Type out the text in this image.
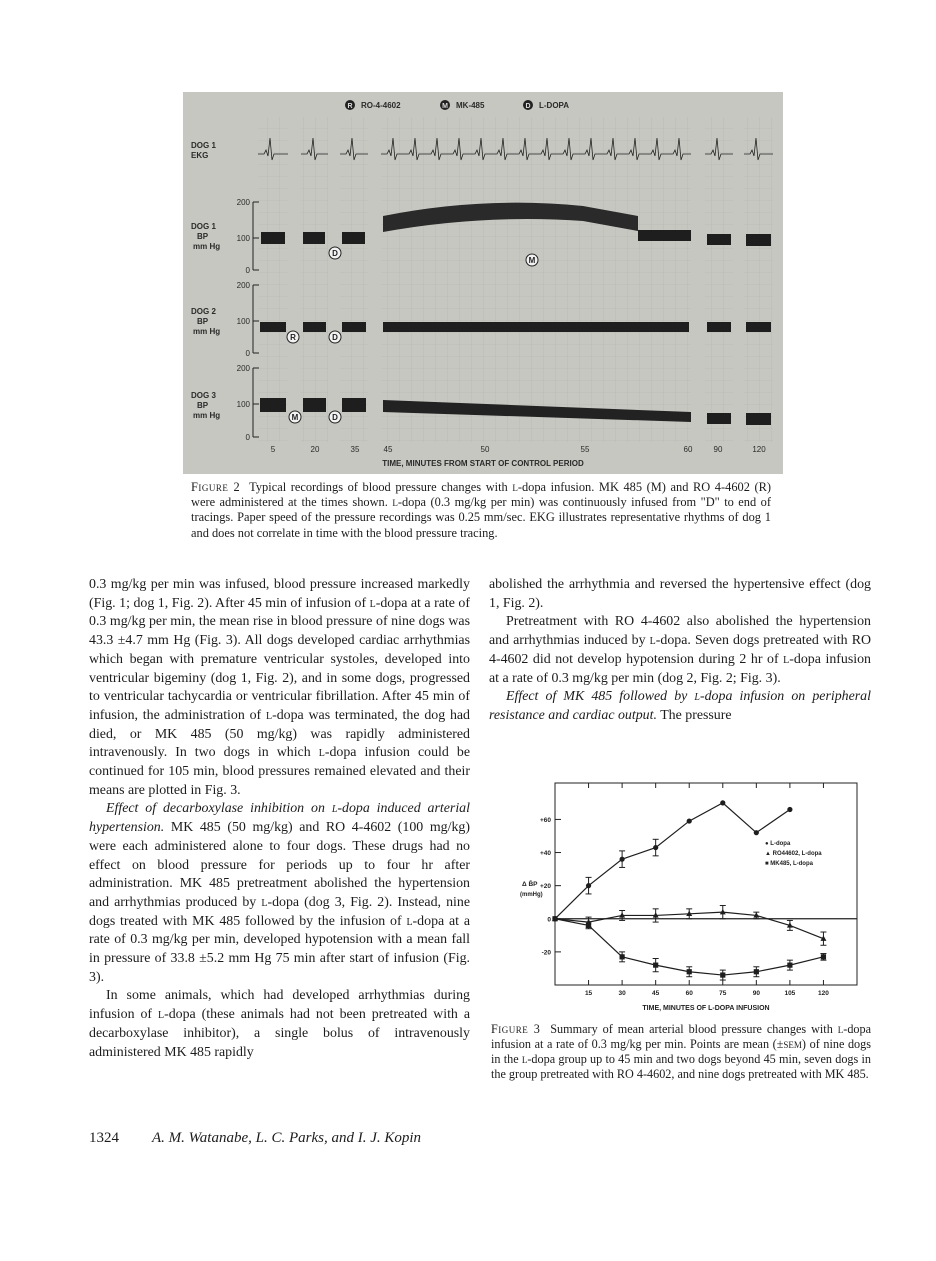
R RO-4-4602	M MK-485	D L-DOPA
DOG 1
EKG
DOG 1
BP
mm Hg
DOG 2
BP
mm Hg
DOG 3
BP
mm Hg
200
100
0
200
100
0
200
100
0
D
M
R	D
M	D
5	20	35	45	50	55	60	90	120
TIME, MINUTES FROM START OF CONTROL PERIOD
Figure 2 Typical recordings of blood pressure changes with l-dopa infusion. MK 485 (M) and RO 4-4602 (R) were administered at the times shown. l-dopa (0.3 mg/kg per min) was continuously infused from "D" to end of tracings. Paper speed of the pressure recordings was 0.25 mm/sec. EKG illustrates representative rhythms of dog 1 and does not correlate in time with the blood pressure tracing.

0.3 mg/kg per min was infused, blood pressure increased markedly (Fig. 1; dog 1, Fig. 2). After 45 min of infusion of l-dopa at a rate of 0.3 mg/kg per min, the mean rise in blood pressure of nine dogs was 43.3 ±4.7 mm Hg (Fig. 3). All dogs developed cardiac arrhythmias which began with premature ventricular systoles, developed into ventricular bigeminy (dog 1, Fig. 2), and in some dogs, progressed to ventricular tachycardia or ventricular fibrillation. After 45 min of infusion, the administration of l-dopa was terminated, the dog had died, or MK 485 (50 mg/kg) was rapidly administered intravenously. In two dogs in which l-dopa infusion could be continued for 105 min, blood pressures remained elevated and their means are plotted in Fig. 3.

Effect of decarboxylase inhibition on l-dopa induced arterial hypertension. MK 485 (50 mg/kg) and RO 4-4602 (100 mg/kg) were each administered alone to four dogs. These drugs had no effect on blood pressure for periods up to four hr after administration. MK 485 pretreatment abolished the hypertension and arrhythmias produced by l-dopa (dog 3, Fig. 2). Instead, nine dogs treated with MK 485 followed by the infusion of l-dopa at a rate of 0.3 mg/kg per min, developed hypotension with a mean fall in pressure of 33.8 ±5.2 mm Hg 75 min after start of infusion (Fig. 3).

In some animals, which had developed arrhythmias during infusion of l-dopa (these animals had not been pretreated with a decarboxylase inhibitor), a single bolus of intravenously administered MK 485 rapidly

abolished the arrhythmia and reversed the hypertensive effect (dog 1, Fig. 2).

Pretreatment with RO 4-4602 also abolished the hypertension and arrhythmias induced by l-dopa. Seven dogs pretreated with RO 4-4602 did not develop hypotension during 2 hr of l-dopa infusion at a rate of 0.3 mg/kg per min (dog 2, Fig. 2; Fig. 3).

Effect of MK 485 followed by l-dopa infusion on peripheral resistance and cardiac output. The pressure

-20
0
+20
+40
+60
15	30	45	60	75	90	105	120
● L-dopa
▲ RO44602, L-dopa
■ MK485, L-dopa
Δ B̄P
(mmHg)
TIME, MINUTES OF L-DOPA INFUSION
Figure 3 Summary of mean arterial blood pressure changes with l-dopa infusion at a rate of 0.3 mg/kg per min. Points are mean (±sem) of nine dogs in the l-dopa group up to 45 min and two dogs beyond 45 min, seven dogs in the group pretreated with RO 4-4602, and nine dogs pretreated with MK 485.
1324 A. M. Watanabe, L. C. Parks, and I. J. Kopin
